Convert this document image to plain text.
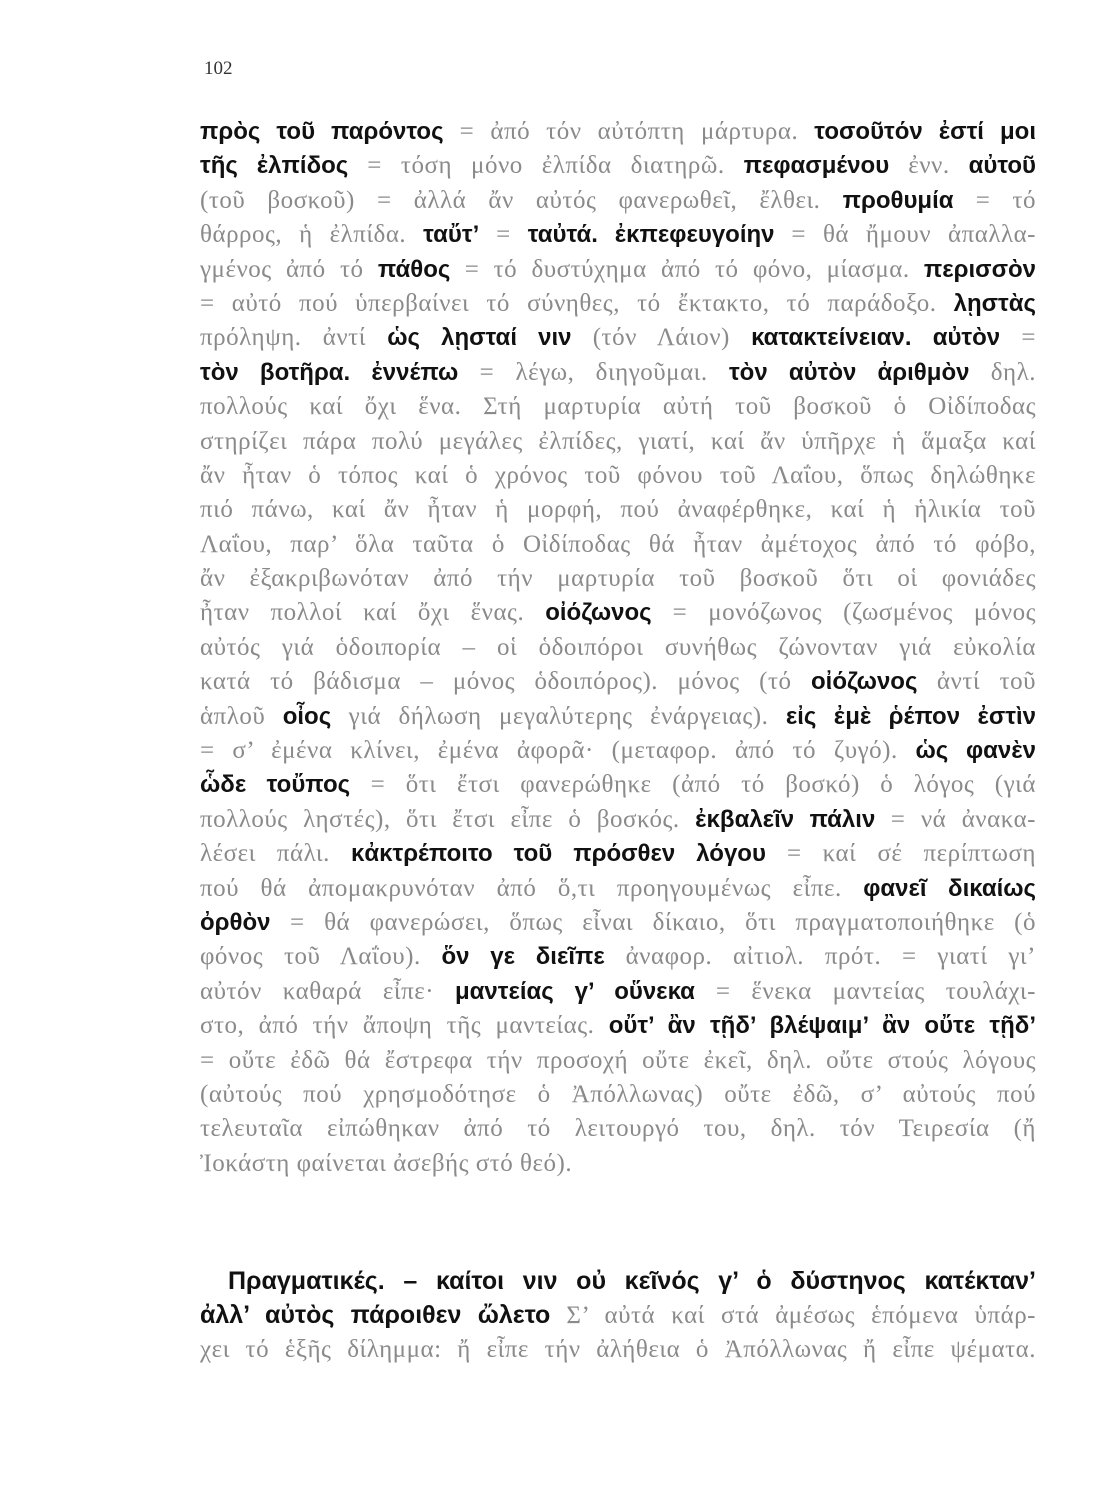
102
πρὸς τοῦ παρόντος = ἀπό τόν αὐτόπτη μάρτυρα. τοσοῦτόν ἐστί μοι
τῆς ἐλπίδος = τόση μόνο ἐλπίδα διατηρῶ. πεφασμένου ἐνν. αὐτοῦ
(τοῦ βοσκοῦ) = ἀλλά ἄν αὐτός φανερωθεῖ, ἔλθει. προθυμία = τό
θάρρος, ἡ ἐλπίδα. ταὔτ’ = ταὐτά. ἐκπεφευγοίην = θά ἤμουν ἀπαλλα-
γμένος ἀπό τό πάθος = τό δυστύχημα ἀπό τό φόνο, μίασμα. περισσὸν
= αὐτό πού ὑπερβαίνει τό σύνηθες, τό ἔκτακτο, τό παράδοξο. λῃστὰς
πρόληψη. ἀντί ὡς λῃσταί νιν (τόν Λάιον) κατακτείνειαν. αὐτὸν =
τὸν βοτῆρα. ἐννέπω = λέγω, διηγοῦμαι. τὸν αὐτὸν ἀριθμὸν δηλ.
πολλούς καί ὄχι ἕνα. Στή μαρτυρία αὐτή τοῦ βοσκοῦ ὁ Οἰδίποδας
στηρίζει πάρα πολύ μεγάλες ἐλπίδες, γιατί, καί ἄν ὑπῆρχε ἡ ἅμαξα καί
ἄν ἦταν ὁ τόπος καί ὁ χρόνος τοῦ φόνου τοῦ Λαΐου, ὅπως δηλώθηκε
πιό πάνω, καί ἄν ἦταν ἡ μορφή, πού ἀναφέρθηκε, καί ἡ ἡλικία τοῦ
Λαΐου, παρ’ ὅλα ταῦτα ὁ Οἰδίποδας θά ἦταν ἀμέτοχος ἀπό τό φόβο,
ἄν ἐξακριβωνόταν ἀπό τήν μαρτυρία τοῦ βοσκοῦ ὅτι οἱ φονιάδες
ἦταν πολλοί καί ὄχι ἕνας. οἰόζωνος = μονόζωνος (ζωσμένος μόνος
αὐτός γιά ὁδοιπορία – οἱ ὁδοιπόροι συνήθως ζώνονταν γιά εὐκολία
κατά τό βάδισμα – μόνος ὁδοιπόρος). μόνος (τό οἰόζωνος ἀντί τοῦ
ἁπλοῦ οἶος γιά δήλωση μεγαλύτερης ἐνάργειας). εἰς ἐμὲ ῥέπον ἐστὶν
= σ’ ἐμένα κλίνει, ἐμένα ἀφορᾶ· (μεταφορ. ἀπό τό ζυγό). ὡς φανὲν
ὧδε τοὔπος = ὅτι ἔτσι φανερώθηκε (ἀπό τό βοσκό) ὁ λόγος (γιά
πολλούς ληστές), ὅτι ἔτσι εἶπε ὁ βοσκός. ἐκβαλεῖν πάλιν = νά ἀνακα-
λέσει πάλι. κἀκτρέποιτο τοῦ πρόσθεν λόγου = καί σέ περίπτωση
πού θά ἀπομακρυνόταν ἀπό ὅ,τι προηγουμένως εἶπε. φανεῖ δικαίως
ὀρθὸν = θά φανερώσει, ὅπως εἶναι δίκαιο, ὅτι πραγματοποιήθηκε (ὁ
φόνος τοῦ Λαΐου). ὅν γε διεῖπε ἀναφορ. αἰτιολ. πρότ. = γιατί γι’
αὐτόν καθαρά εἶπε· μαντείας γ’ οὕνεκα = ἕνεκα μαντείας τουλάχι-
στο, ἀπό τήν ἄποψη τῆς μαντείας. οὔτ’ ἂν τῇδ’ βλέψαιμ’ ἂν οὔτε τῇδ’
= οὔτε ἐδῶ θά ἔστρεφα τήν προσοχή οὔτε ἐκεῖ, δηλ. οὔτε στούς λόγους
(αὐτούς πού χρησμοδότησε ὁ Ἀπόλλωνας) οὔτε ἐδῶ, σ’ αὐτούς πού
τελευταῖα εἰπώθηκαν ἀπό τό λειτουργό του, δηλ. τόν Τειρεσία (ἤ
Ἰοκάστη φαίνεται ἀσεβής στό θεό).
Πραγματικές. – καίτοι νιν οὐ κεῖνός γ’ ὁ δύστηνος κατέκταν’
ἀλλ’ αὐτὸς πάροιθεν ὤλετο Σ’ αὐτά καί στά ἀμέσως ἑπόμενα ὑπάρ-
χει τό ἑξῆς δίλημμα: ἤ εἶπε τήν ἀλήθεια ὁ Ἀπόλλωνας ἤ εἶπε ψέματα.
